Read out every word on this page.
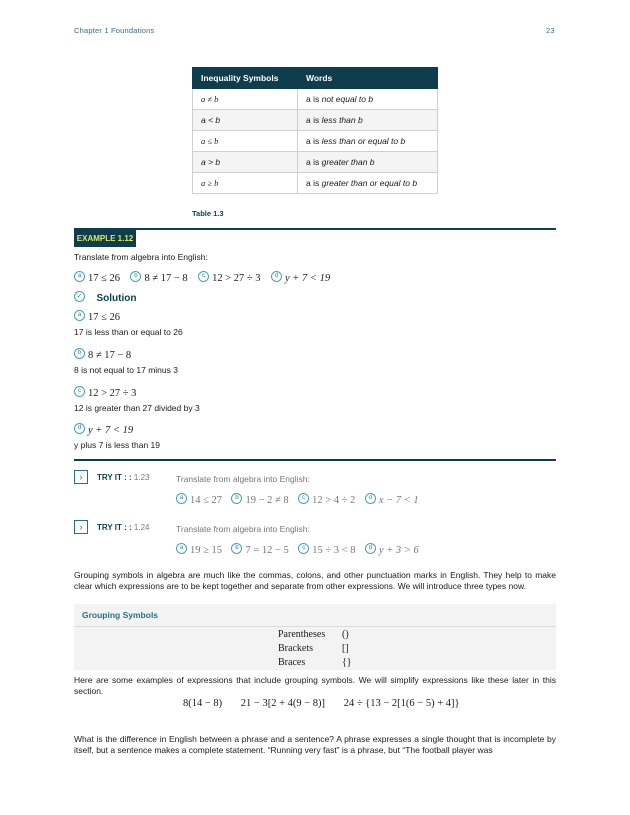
Chapter 1 Foundations	23
Inequality Symbols	Words
a ≠ b	a is not equal to b
a < b	a is less than b
a ≤ b	a is less than or equal to b
a > b	a is greater than b
a ≥ b	a is greater than or equal to b
Table 1.3
EXAMPLE 1.12
Translate from algebra into English:
a 17 ≤ 26 b 8 ≠ 17 − 8 c 12 > 27 ÷ 3 d y + 7 < 19
✓ Solution
a 17 ≤ 26
17 is less than or equal to 26
b 8 ≠ 17 − 8
8 is not equal to 17 minus 3
c 12 > 27 ÷ 3
12 is greater than 27 divided by 3
d y + 7 < 19
y plus 7 is less than 19
›	TRY IT : : 1.23	Translate from algebra into English:
a 14 ≤ 27 b 19 − 2 ≠ 8 c 12 > 4 ÷ 2 d x − 7 < 1
›	TRY IT : : 1.24	Translate from algebra into English:
a 19 ≥ 15 b 7 = 12 − 5 c 15 ÷ 3 < 8 d y + 3 > 6
Grouping symbols in algebra are much like the commas, colons, and other punctuation marks in English. They help to make clear which expressions are to be kept together and separate from other expressions. We will introduce three types now.
Grouping Symbols
Parentheses ()
Brackets	[]
Braces	{}
Here are some examples of expressions that include grouping symbols. We will simplify expressions like these later in this section.
8(14 − 8) 21 − 3[2 + 4(9 − 8)] 24 ÷ {13 − 2[1(6 − 5) + 4]}
What is the difference in English between a phrase and a sentence? A phrase expresses a single thought that is incomplete by itself, but a sentence makes a complete statement. “Running very fast” is a phrase, but “The football player was
